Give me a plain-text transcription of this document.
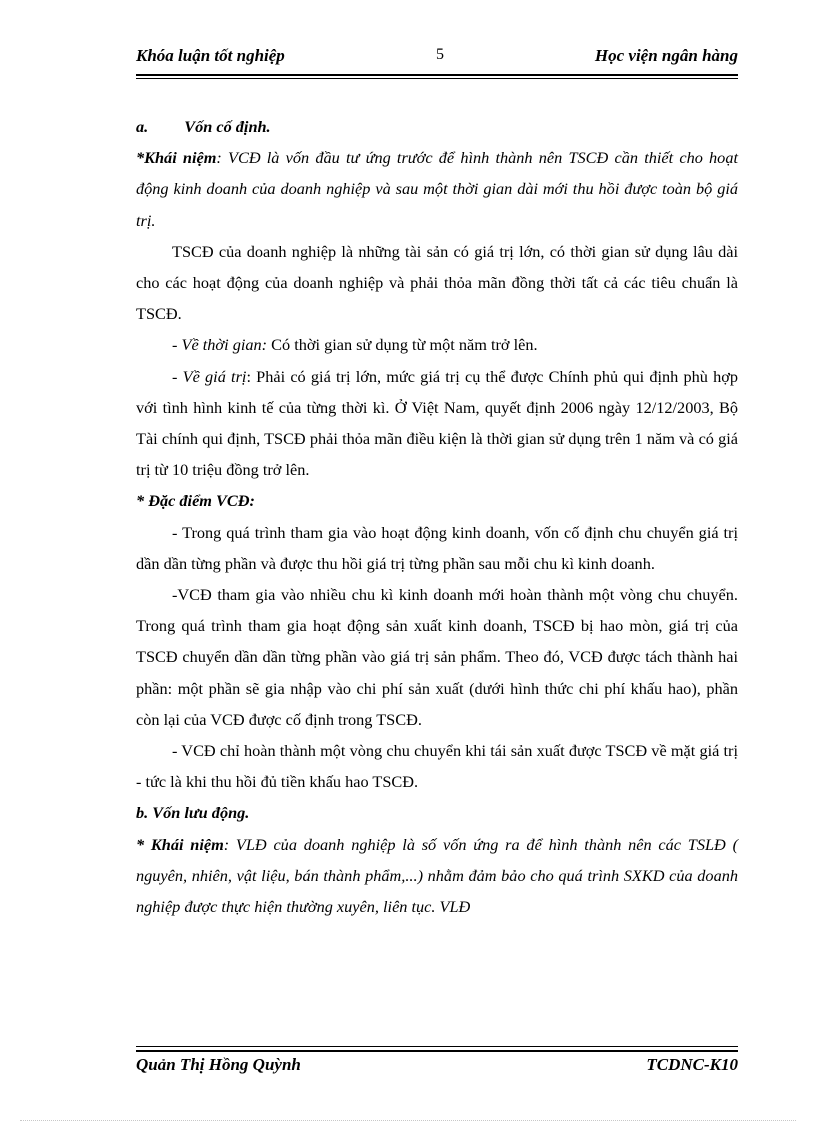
Khóa luận tốt nghiệp	5	Học viện ngân hàng

a. Vốn cố định.

*Khái niệm: VCĐ là vốn đầu tư ứng trước để hình thành nên TSCĐ cần thiết cho hoạt động kinh doanh của doanh nghiệp và sau một thời gian dài mới thu hồi được toàn bộ giá trị.

TSCĐ của doanh nghiệp là những tài sản có giá trị lớn, có thời gian sử dụng lâu dài cho các hoạt động của doanh nghiệp và phải thỏa mãn đồng thời tất cả các tiêu chuẩn là TSCĐ.

- Về thời gian: Có thời gian sử dụng từ một năm trở lên.

- Về giá trị: Phải có giá trị lớn, mức giá trị cụ thể được Chính phủ qui định phù hợp với tình hình kinh tế của từng thời kì. Ở Việt Nam, quyết định 2006 ngày 12/12/2003, Bộ Tài chính qui định, TSCĐ phải thỏa mãn điều kiện là thời gian sử dụng trên 1 năm và có giá trị từ 10 triệu đồng trở lên.

* Đặc điểm VCĐ:

- Trong quá trình tham gia vào hoạt động kinh doanh, vốn cố định chu chuyển giá trị dần dần từng phần và được thu hồi giá trị từng phần sau mỗi chu kì kinh doanh.

-VCĐ tham gia vào nhiều chu kì kinh doanh mới hoàn thành một vòng chu chuyển. Trong quá trình tham gia hoạt động sản xuất kinh doanh, TSCĐ bị hao mòn, giá trị của TSCĐ chuyển dần dần từng phần vào giá trị sản phẩm. Theo đó, VCĐ được tách thành hai phần: một phần sẽ gia nhập vào chi phí sản xuất (dưới hình thức chi phí khấu hao), phần còn lại của VCĐ được cố định trong TSCĐ.

- VCĐ chỉ hoàn thành một vòng chu chuyển khi tái sản xuất được TSCĐ về mặt giá trị - tức là khi thu hồi đủ tiền khấu hao TSCĐ.

b. Vốn lưu động.

* Khái niệm: VLĐ của doanh nghiệp là số vốn ứng ra để hình thành nên các TSLĐ ( nguyên, nhiên, vật liệu, bán thành phẩm,...) nhằm đảm bảo cho quá trình SXKD của doanh nghiệp được thực hiện thường xuyên, liên tục. VLĐ

Quản Thị Hồng Quỳnh	TCDNC-K10
